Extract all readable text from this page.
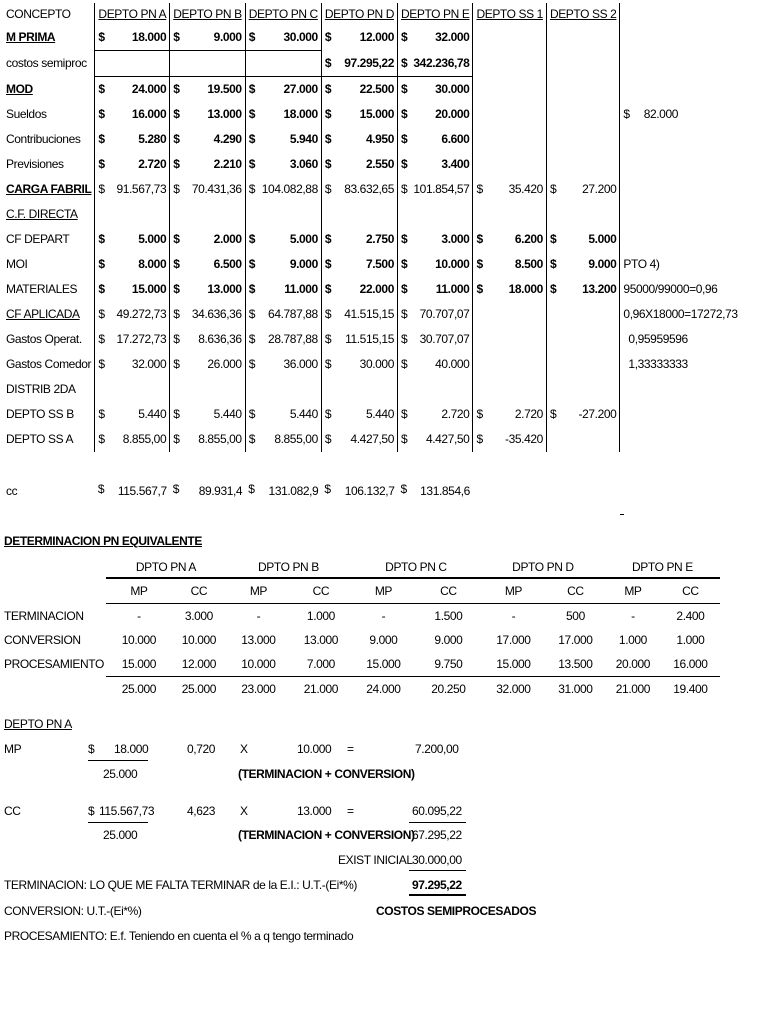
CONCEPTO	DEPTO PN A	DEPTO PN B	DEPTO PN C	DEPTO PN D	DEPTO PN E	DEPTO SS 1	DEPTO SS 2	
M PRIMA	$ 18.000	$ 9.000	$ 30.000	$ 12.000	$ 32.000			

costos semiproc				$ 97.295,22	$ 342.236,78			

MOD	$ 24.000	$ 19.500	$ 27.000	$ 22.500	$ 30.000			

Sueldos	$ 16.000	$ 13.000	$ 18.000	$ 15.000	$ 20.000			$ 82.000
Contribuciones	$ 5.280	$ 4.290	$ 5.940	$ 4.950	$ 6.600			

Previsiones	$ 2.720	$ 2.210	$ 3.060	$ 2.550	$ 3.400			

CARGA FABRIL	$ 91.567,73	$ 70.431,36	$ 104.082,88	$ 83.632,65	$ 101.854,57	$ 35.420	$ 27.200	

C.F. DIRECTA								
CF DEPART	$ 5.000	$ 2.000	$ 5.000	$ 2.750	$ 3.000	$ 6.200	$ 5.000	

MOI	$ 8.000	$ 6.500	$ 9.000	$ 7.500	$ 10.000	$ 8.500	$ 9.000	PTO 4)
MATERIALES	$ 15.000	$ 13.000	$ 11.000	$ 22.000	$ 11.000	$ 18.000	$ 13.200	95000/99000=0,96
CF APLICADA	$ 49.272,73	$ 34.636,36	$ 64.787,88	$ 41.515,15	$ 70.707,07			0,96X18000=17272,73
Gastos Operat.	$ 17.272,73	$ 8.636,36	$ 28.787,88	$ 11.515,15	$ 30.707,07			0,95959596
Gastos Comedor	$ 32.000	$ 26.000	$ 36.000	$ 30.000	$ 40.000			1,33333333
DISTRIB 2DA								
DEPTO SS B	$ 5.440	$ 5.440	$ 5.440	$ 5.440	$ 2.720	$ 2.720	$ -27.200	

DEPTO SS A	$ 8.855,00	$ 8.855,00	$ 8.855,00	$ 4.427,50	$ 4.427,50	$ -35.420		

cc	$ 115.567,7	$ 89.931,4	$ 131.082,9	$ 106.132,7	$ 131.854,6			

DETERMINACION PN EQUIVALENTE
	DPTO PN A		DPTO PN B		DPTO PN C		DPTO PN D		DPTO PN E	
	MP	CC	MP	CC	MP	CC	MP	CC	MP	CC
TERMINACION	-	3.000	-	1.000	-	1.500	-	500	-	2.400
CONVERSION	10.000	10.000	13.000	13.000	9.000	9.000	17.000	17.000	1.000	1.000
PROCESAMIENTO	15.000	12.000	10.000	7.000	15.000	9.750	15.000	13.500	20.000	16.000
	25.000	25.000	23.000	21.000	24.000	20.250	32.000	31.000	21.000	19.400
DEPTO PN A
MP	$ 18.000	0,720 X	10.000 =	7.200,00
25.000	(TERMINACION + CONVERSION)
CC	$ 115.567,73	4,623 X	13.000 =	60.095,22
25.000	(TERMINACION + CONVERSION)
67.295,22
EXIST INICIAL 30.000,00
TERMINACION: LO QUE ME FALTA TERMINAR de la E.I.: U.T.-(Ei*%)	97.295,22
CONVERSION: U.T.-(Ei*%)	COSTOS SEMIPROCESADOS
PROCESAMIENTO: E.f. Teniendo en cuenta el % a q tengo terminado
